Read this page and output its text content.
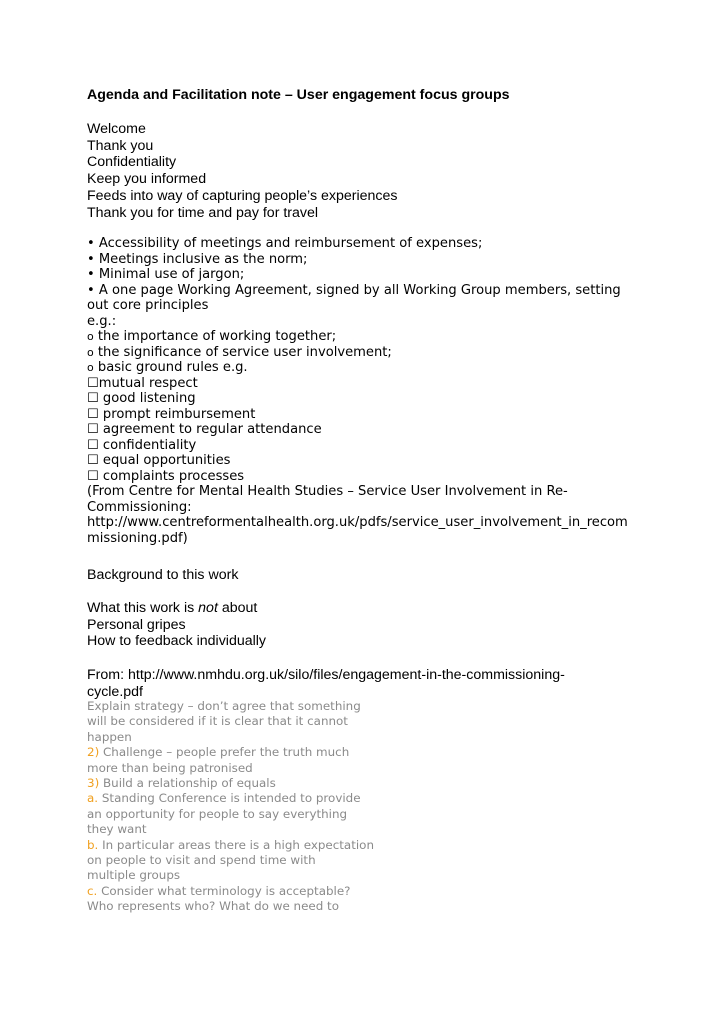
Agenda and Facilitation note – User engagement focus groups
Welcome
Thank you
Confidentiality
Keep you informed
Feeds into way of capturing people’s experiences
Thank you for time and pay for travel
• Accessibility of meetings and reimbursement of expenses;
• Meetings inclusive as the norm;
• Minimal use of jargon;
• A one page Working Agreement, signed by all Working Group members, setting
out core principles
e.g.:
o the importance of working together;
o the significance of service user involvement;
o basic ground rules e.g.
☐mutual respect
☐ good listening
☐ prompt reimbursement
☐ agreement to regular attendance
☐ confidentiality
☐ equal opportunities
☐ complaints processes
(From Centre for Mental Health Studies – Service User Involvement in Re-
Commissioning:
http://www.centreformentalhealth.org.uk/pdfs/service_user_involvement_in_recom
missioning.pdf)
Background to this work
What this work is not about
Personal gripes
How to feedback individually
From: http://www.nmhdu.org.uk/silo/files/engagement-in-the-commissioning-
cycle.pdf
Explain strategy – don’t agree that something
will be considered if it is clear that it cannot
happen
2) Challenge – people prefer the truth much
more than being patronised
3) Build a relationship of equals
a. Standing Conference is intended to provide
an opportunity for people to say everything
they want
b. In particular areas there is a high expectation
on people to visit and spend time with
multiple groups
c. Consider what terminology is acceptable?
Who represents who? What do we need to
